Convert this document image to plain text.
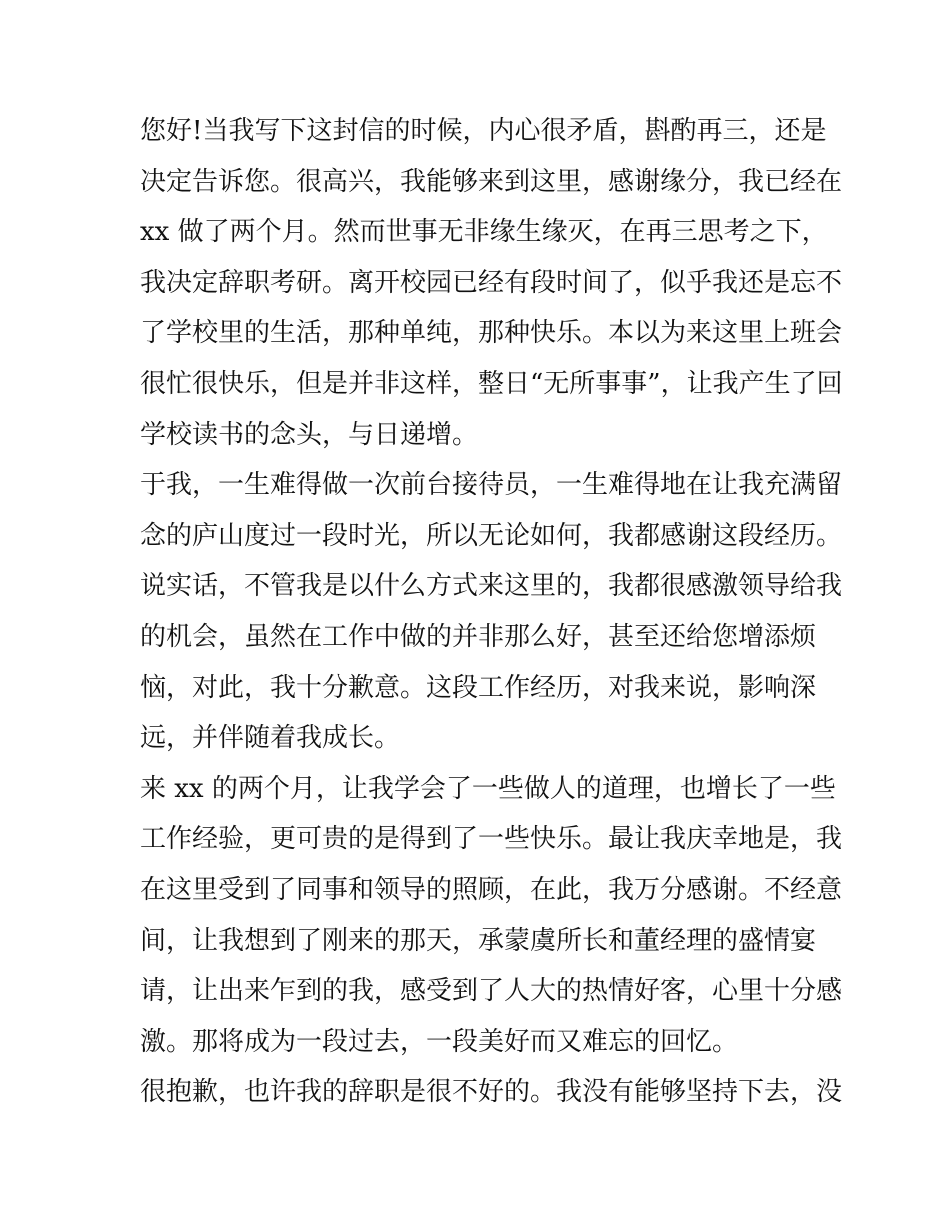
您好!当我写下这封信的时候，内心很矛盾，斟酌再三，还是

决定告诉您。很高兴，我能够来到这里，感谢缘分，我已经在

xx 做了两个月。然而世事无非缘生缘灭，在再三思考之下，

我决定辞职考研。离开校园已经有段时间了，似乎我还是忘不

了学校里的生活，那种单纯，那种快乐。本以为来这里上班会

很忙很快乐，但是并非这样，整日“无所事事”，让我产生了回

学校读书的念头，与日递增。

于我，一生难得做一次前台接待员，一生难得地在让我充满留

念的庐山度过一段时光，所以无论如何，我都感谢这段经历。

说实话，不管我是以什么方式来这里的，我都很感激领导给我

的机会，虽然在工作中做的并非那么好，甚至还给您增添烦

恼，对此，我十分歉意。这段工作经历，对我来说，影响深

远，并伴随着我成长。

来 xx 的两个月，让我学会了一些做人的道理，也增长了一些

工作经验，更可贵的是得到了一些快乐。最让我庆幸地是，我

在这里受到了同事和领导的照顾，在此，我万分感谢。不经意

间，让我想到了刚来的那天，承蒙虞所长和董经理的盛情宴

请，让出来乍到的我，感受到了人大的热情好客，心里十分感

激。那将成为一段过去，一段美好而又难忘的回忆。

很抱歉，也许我的辞职是很不好的。我没有能够坚持下去，没
